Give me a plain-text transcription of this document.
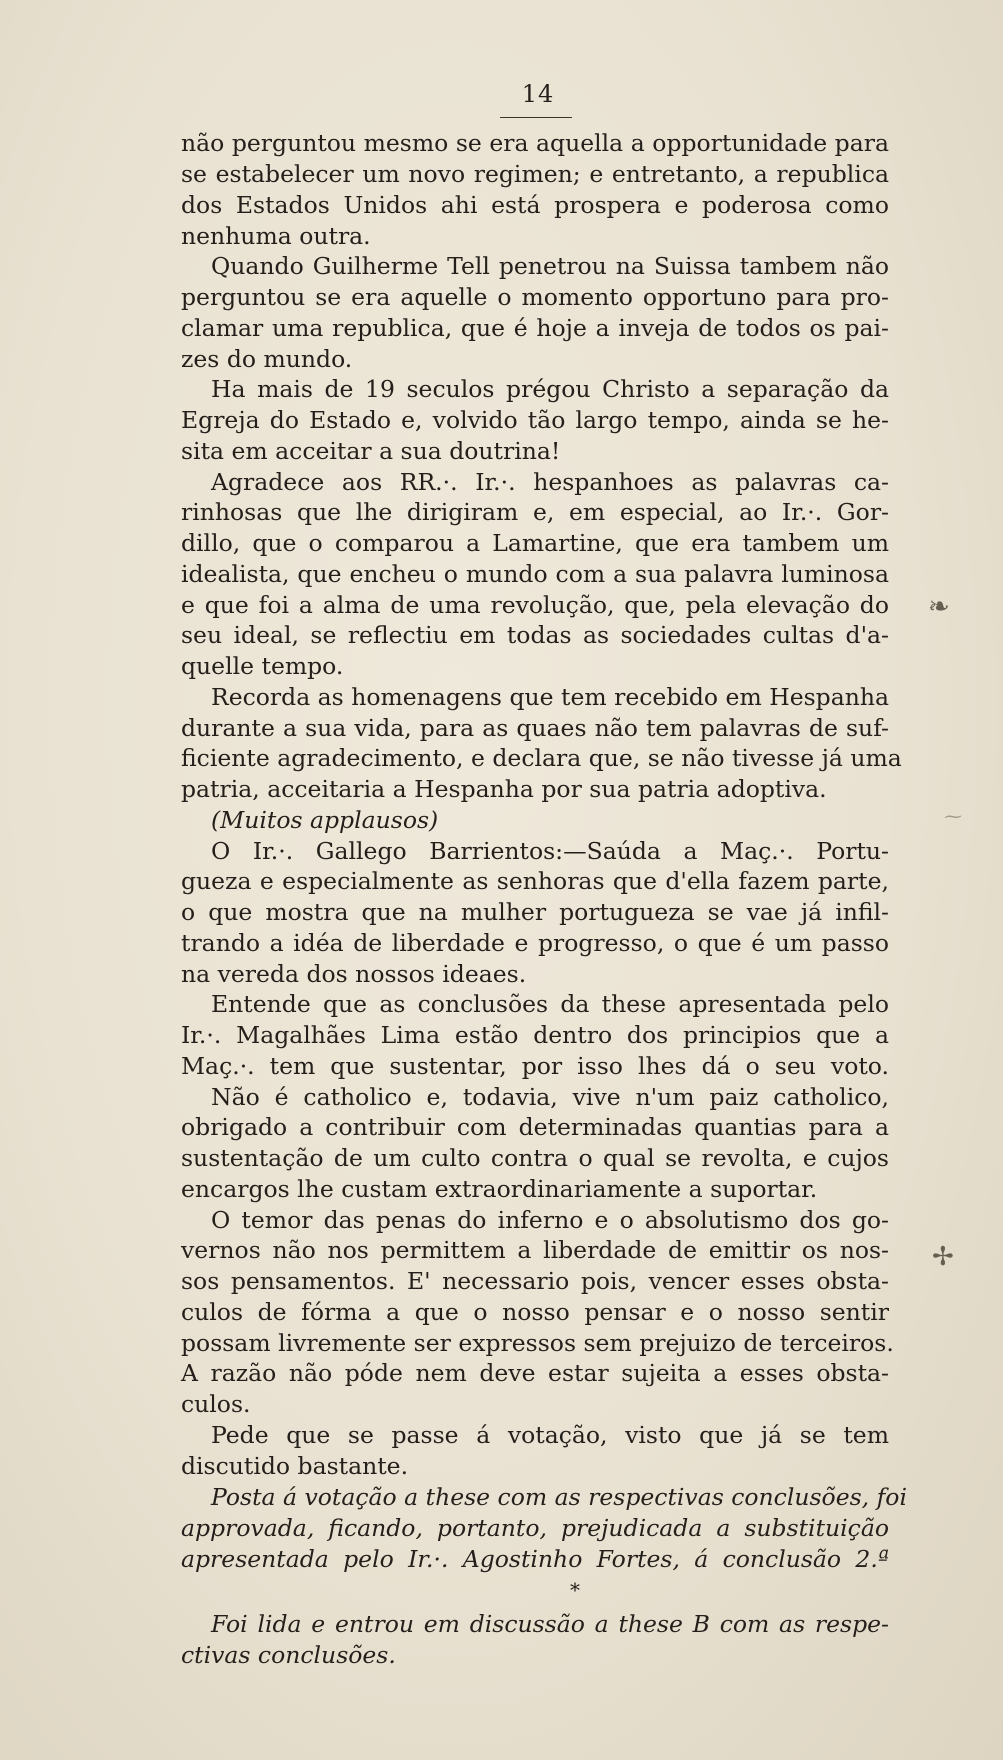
14
não perguntou mesmo se era aquella a opportunidade para
se estabelecer um novo regimen; e entretanto, a republica
dos Estados Unidos ahi está prospera e poderosa como
nenhuma outra.
Quando Guilherme Tell penetrou na Suissa tambem não
perguntou se era aquelle o momento opportuno para pro-
clamar uma republica, que é hoje a inveja de todos os pai-
zes do mundo.
Ha mais de 19 seculos prégou Christo a separação da
Egreja do Estado e, volvido tão largo tempo, ainda se he-
sita em acceitar a sua doutrina!
Agradece aos RR.·. Ir.·. hespanhoes as palavras ca-
rinhosas que lhe dirigiram e, em especial, ao Ir.·. Gor-
dillo, que o comparou a Lamartine, que era tambem um
idealista, que encheu o mundo com a sua palavra luminosa
e que foi a alma de uma revolução, que, pela elevação do
seu ideal, se reflectiu em todas as sociedades cultas d'a-
quelle tempo.
Recorda as homenagens que tem recebido em Hespanha
durante a sua vida, para as quaes não tem palavras de suf-
ficiente agradecimento, e declara que, se não tivesse já uma
patria, acceitaria a Hespanha por sua patria adoptiva.
(Muitos applausos)
O Ir.·. Gallego Barrientos:—Saúda a Maç.·. Portu-
gueza e especialmente as senhoras que d'ella fazem parte,
o que mostra que na mulher portugueza se vae já infil-
trando a idéa de liberdade e progresso, o que é um passo
na vereda dos nossos ideaes.
Entende que as conclusões da these apresentada pelo
Ir.·. Magalhães Lima estão dentro dos principios que a
Maç.·. tem que sustentar, por isso lhes dá o seu voto.
Não é catholico e, todavia, vive n'um paiz catholico,
obrigado a contribuir com determinadas quantias para a
sustentação de um culto contra o qual se revolta, e cujos
encargos lhe custam extraordinariamente a suportar.
O temor das penas do inferno e o absolutismo dos go-
vernos não nos permittem a liberdade de emittir os nos-
sos pensamentos. E' necessario pois, vencer esses obsta-
culos de fórma a que o nosso pensar e o nosso sentir
possam livremente ser expressos sem prejuizo de terceiros.
A razão não póde nem deve estar sujeita a esses obsta-
culos.
Pede que se passe á votação, visto que já se tem
discutido bastante.
Posta á votação a these com as respectivas conclusões, foi
approvada, ficando, portanto, prejudicada a substituição
apresentada pelo Ir.·. Agostinho Fortes, á conclusão 2.ª
*
Foi lida e entrou em discussão a these B com as respe-
ctivas conclusões.
❧
⁓
✢
